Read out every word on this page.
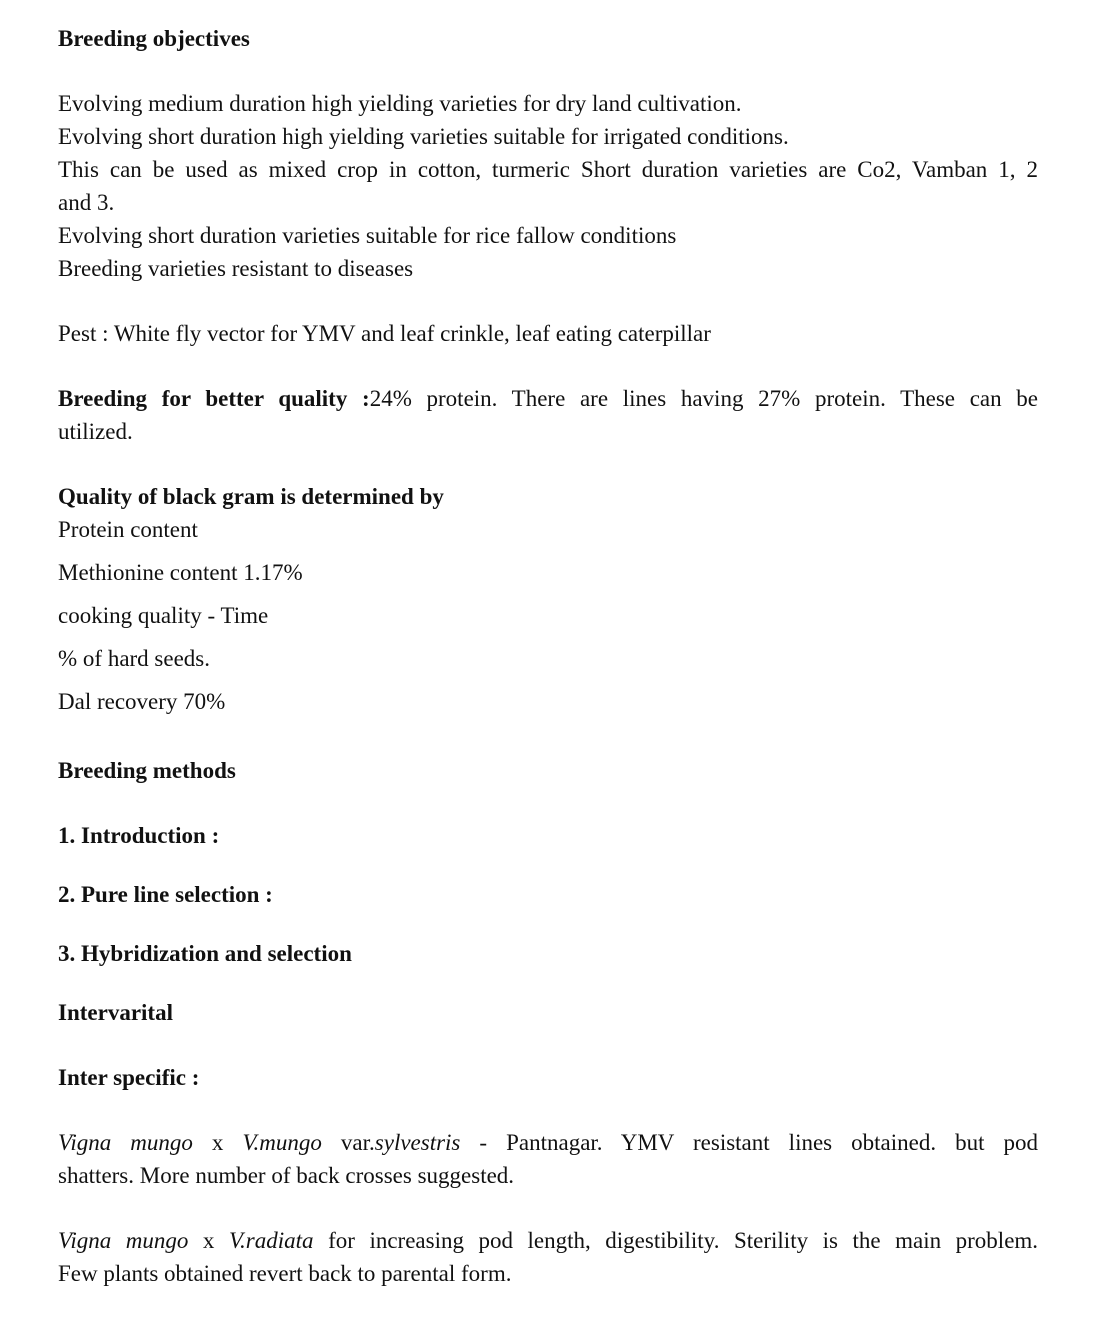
Breeding objectives
Evolving medium duration high yielding varieties for dry land cultivation.
Evolving short duration high yielding varieties suitable for irrigated conditions.
This can be used as mixed crop in cotton, turmeric Short duration varieties are Co2, Vamban 1, 2
and 3.
Evolving short duration varieties suitable for rice fallow conditions
Breeding varieties resistant to diseases
Pest : White fly vector for YMV and leaf crinkle, leaf eating caterpillar
Breeding for better quality :24% protein. There are lines having 27% protein. These can be
utilized.
Quality of black gram is determined by
Protein content
Methionine content 1.17%
cooking quality - Time
% of hard seeds.
Dal recovery 70%
Breeding methods
1. Introduction :
2. Pure line selection :
3. Hybridization and selection
Intervarital
Inter specific :
Vigna mungo x V.mungo var.sylvestris - Pantnagar. YMV resistant lines obtained. but pod
shatters. More number of back crosses suggested.
Vigna mungo x V.radiata for increasing pod length, digestibility. Sterility is the main problem.
Few plants obtained revert back to parental form.
